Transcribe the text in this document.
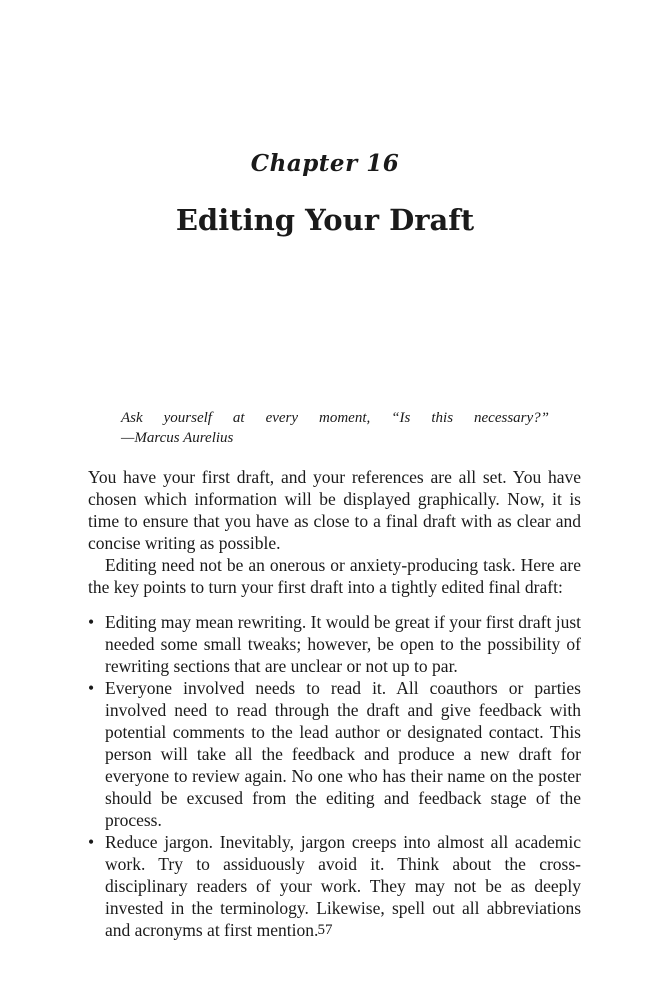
Chapter 16
Editing Your Draft
Ask yourself at every moment, “Is this necessary?”
—Marcus Aurelius

You have your first draft, and your references are all set. You have chosen which information will be displayed graphically. Now, it is time to ensure that you have as close to a final draft with as clear and concise writing as possible.

Editing need not be an onerous or anxiety-producing task. Here are the key points to turn your first draft into a tightly edited final draft:

• Editing may mean rewriting. It would be great if your first draft just needed some small tweaks; however, be open to the possibility of rewriting sections that are unclear or not up to par.
• Everyone involved needs to read it. All coauthors or parties involved need to read through the draft and give feedback with potential comments to the lead author or designated contact. This person will take all the feedback and produce a new draft for everyone to review again. No one who has their name on the poster should be excused from the editing and feedback stage of the process.
• Reduce jargon. Inevitably, jargon creeps into almost all academic work. Try to assiduously avoid it. Think about the cross-disciplinary readers of your work. They may not be as deeply invested in the terminology. Likewise, spell out all abbreviations and acronyms at first mention. 57
